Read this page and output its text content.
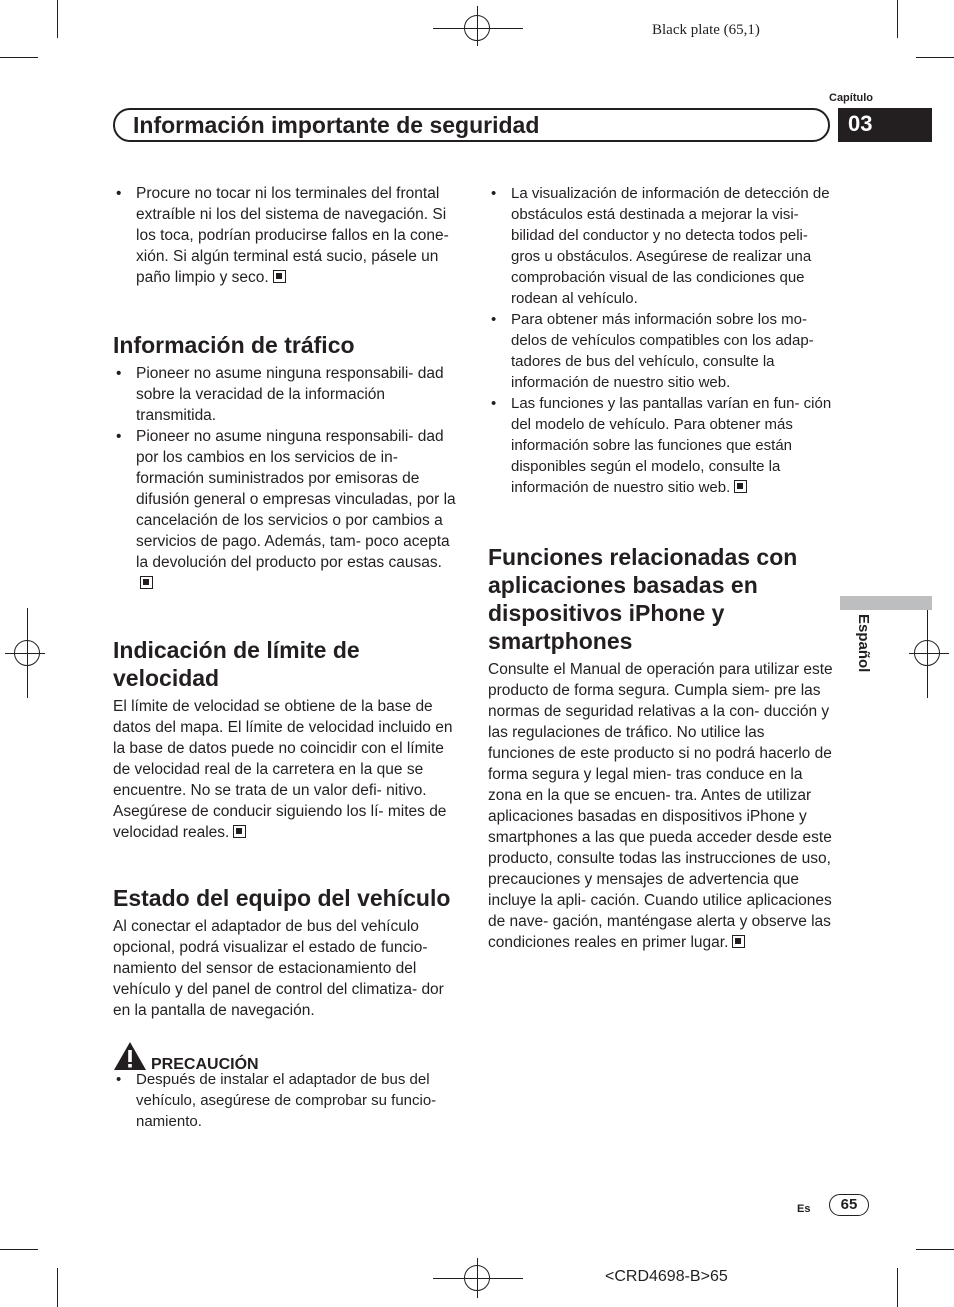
Black plate (65,1)
Capítulo
Información importante de seguridad	03
Español
• Procure no tocar ni los terminales del frontal extraíble ni los del sistema de navegación. Si los toca, podrían producirse fallos en la cone- xión. Si algún terminal está sucio, pásele un paño limpio y seco.
Información de tráfico
• Pioneer no asume ninguna responsabili- dad sobre la veracidad de la información transmitida.
• Pioneer no asume ninguna responsabili- dad por los cambios en los servicios de in- formación suministrados por emisoras de difusión general o empresas vinculadas, por la cancelación de los servicios o por cambios a servicios de pago. Además, tam- poco acepta la devolución del producto por estas causas.
Indicación de límite de velocidad

El límite de velocidad se obtiene de la base de datos del mapa. El límite de velocidad incluido en la base de datos puede no coincidir con el límite de velocidad real de la carretera en la que se encuentre. No se trata de un valor defi- nitivo. Asegúrese de conducir siguiendo los lí- mites de velocidad reales.

Estado del equipo del vehículo

Al conectar el adaptador de bus del vehículo opcional, podrá visualizar el estado de funcio- namiento del sensor de estacionamiento del vehículo y del panel de control del climatiza- dor en la pantalla de navegación.

PRECAUCIÓN
• Después de instalar el adaptador de bus del vehículo, asegúrese de comprobar su funcio- namiento.
• La visualización de información de detección de obstáculos está destinada a mejorar la visi- bilidad del conductor y no detecta todos peli- gros u obstáculos. Asegúrese de realizar una comprobación visual de las condiciones que rodean al vehículo.
• Para obtener más información sobre los mo- delos de vehículos compatibles con los adap- tadores de bus del vehículo, consulte la información de nuestro sitio web.
• Las funciones y las pantallas varían en fun- ción del modelo de vehículo. Para obtener más información sobre las funciones que están disponibles según el modelo, consulte la información de nuestro sitio web.
Funciones relacionadas con aplicaciones basadas en dispositivos iPhone y smartphones

Consulte el Manual de operación para utilizar este producto de forma segura. Cumpla siem- pre las normas de seguridad relativas a la con- ducción y las regulaciones de tráfico. No utilice las funciones de este producto si no podrá hacerlo de forma segura y legal mien- tras conduce en la zona en la que se encuen- tra. Antes de utilizar aplicaciones basadas en dispositivos iPhone y smartphones a las que pueda acceder desde este producto, consulte todas las instrucciones de uso, precauciones y mensajes de advertencia que incluye la apli- cación. Cuando utilice aplicaciones de nave- gación, manténgase alerta y observe las condiciones reales en primer lugar.

Es	65
<CRD4698-B>65
